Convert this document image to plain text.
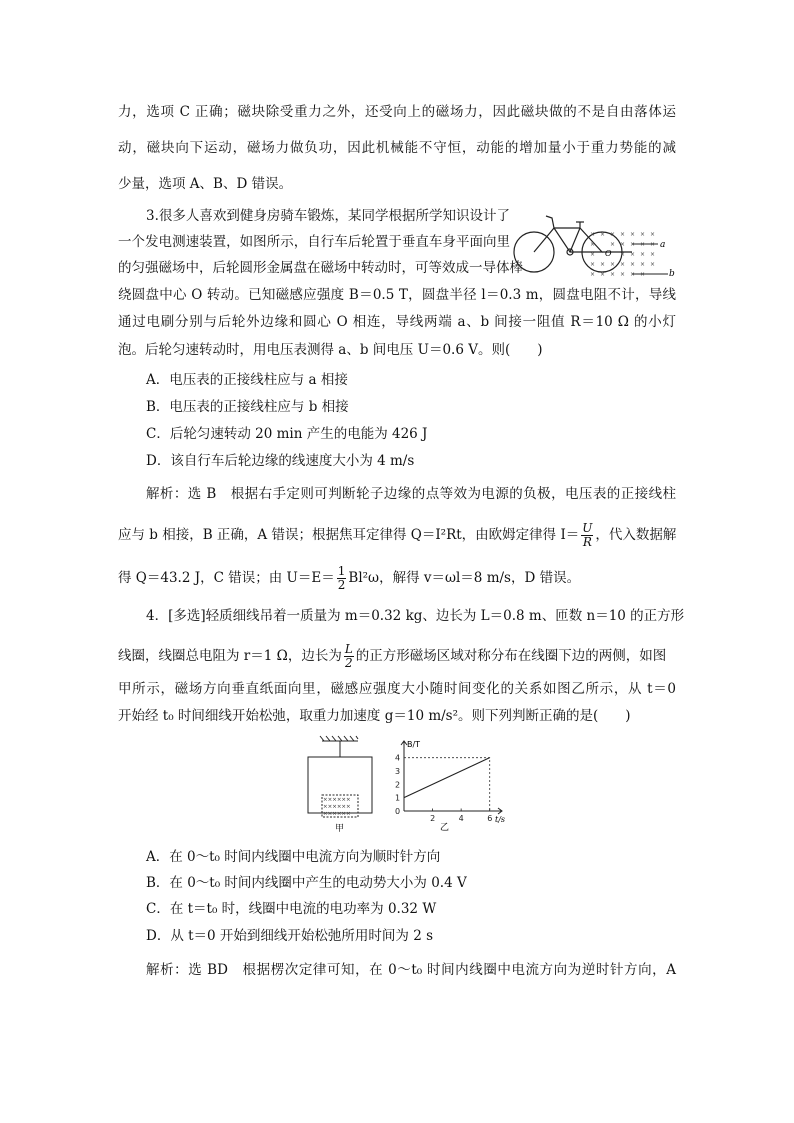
力，选项 C 正确；磁块除受重力之外，还受向上的磁场力，因此磁块做的不是自由落体运
动，磁块向下运动，磁场力做负功，因此机械能不守恒，动能的增加量小于重力势能的减
少量，选项 A、B、D 错误。
3.很多人喜欢到健身房骑车锻炼，某同学根据所学知识设计了
一个发电测速装置，如图所示，自行车后轮置于垂直车身平面向里
的匀强磁场中，后轮圆形金属盘在磁场中转动时，可等效成一导体棒
绕圆盘中心 O 转动。已知磁感应强度 B＝0.5 T，圆盘半径 l＝0.3 m，圆盘电阻不计，导线
通过电刷分别与后轮外边缘和圆心 O 相连，导线两端 a、b 间接一阻值 R＝10 Ω 的小灯
泡。后轮匀速转动时，用电压表测得 a、b 间电压 U＝0.6 V。则(　　)
× × × × × × ×
× × × × × ×
×	× × × ×
× × × × × × ×
× × × × × ×
a
b
O
A．电压表的正接线柱应与 a 相接
B．电压表的正接线柱应与 b 相接
C．后轮匀速转动 20 min 产生的电能为 426 J
D．该自行车后轮边缘的线速度大小为 4 m/s
解析：选 B　根据右手定则可判断轮子边缘的点等效为电源的负极，电压表的正接线柱
应与 b 相接，B 正确，A 错误；根据焦耳定律得 Q＝I²Rt，由欧姆定律得 $I= \frac{U}{R}$ ，代入数据解
得 Q＝43.2 J，C 错误；由 $U=E= \frac{1}{2} Bl^2\omega$，解得 v＝ωl＝8 m/s，D 错误。
4．[多选]轻质细线吊着一质量为 m＝0.32 kg、边长为 L＝0.8 m、匝数 n＝10 的正方形
线圈，线圈总电阻为 r＝1 Ω，边长为 $\frac{L}{2}$ 的正方形磁场区域对称分布在线圈下边的两侧，如图
甲所示，磁场方向垂直纸面向里，磁感应强度大小随时间变化的关系如图乙所示，从 t＝0
开始经 t₀ 时间细线开始松弛，取重力加速度 g＝10 m/s²。则下列判断正确的是(　　)
××××××
××××××
××××××
甲
0
1
2
3
4
2	4	6
B/T
t/s
乙
A．在 0～t₀ 时间内线圈中电流方向为顺时针方向
B．在 0～t₀ 时间内线圈中产生的电动势大小为 0.4 V
C．在 t＝t₀ 时，线圈中电流的电功率为 0.32 W
D．从 t＝0 开始到细线开始松弛所用时间为 2 s
解析：选 BD　根据楞次定律可知，在 0～t₀ 时间内线圈中电流方向为逆时针方向，A
